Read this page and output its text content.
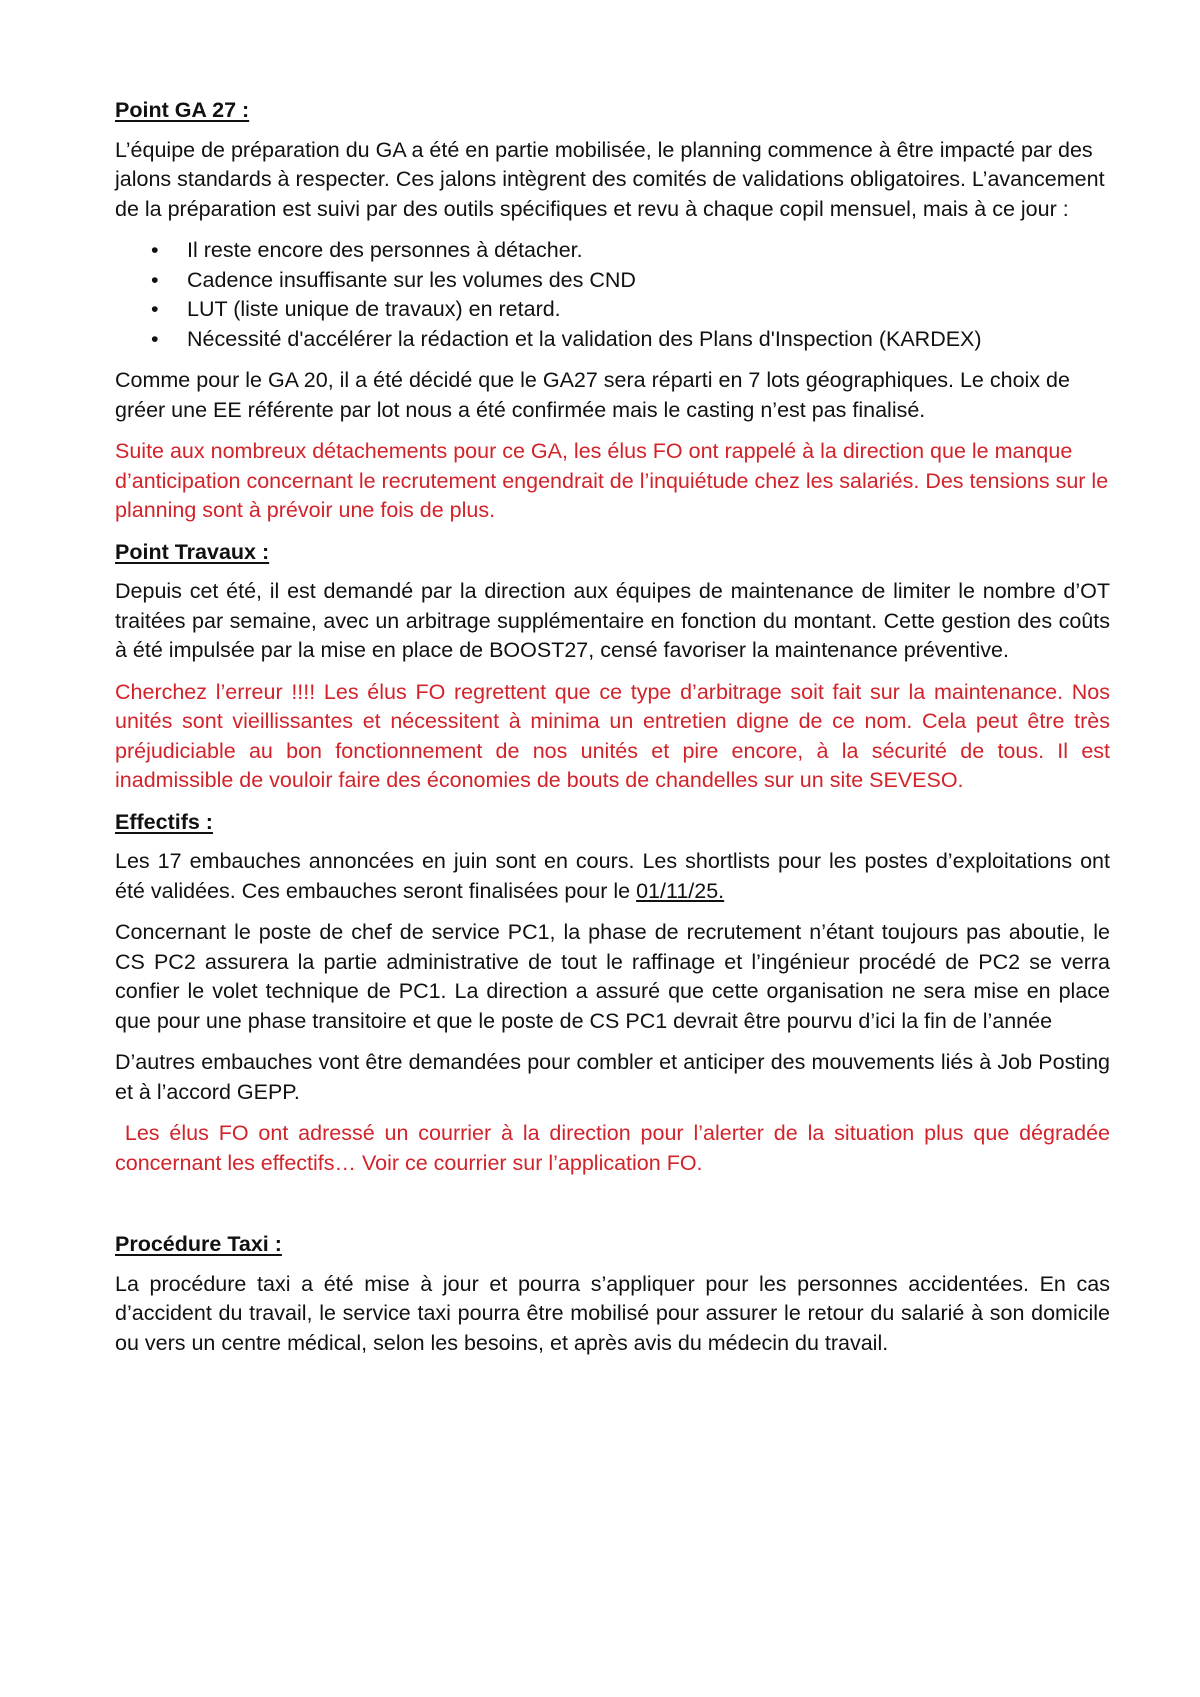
Point GA 27 :
L’équipe de préparation du GA a été en partie mobilisée, le planning commence à être impacté par des jalons standards à respecter. Ces jalons intègrent des comités de validations obligatoires. L’avancement de la préparation est suivi par des outils spécifiques et revu à chaque copil mensuel, mais à ce jour :
• Il reste encore des personnes à détacher.
• Cadence insuffisante sur les volumes des CND
• LUT (liste unique de travaux) en retard.
• Nécessité d'accélérer la rédaction et la validation des Plans d'Inspection (KARDEX)
Comme pour le GA 20, il a été décidé que le GA27 sera réparti en 7 lots géographiques. Le choix de gréer une EE référente par lot nous a été confirmée mais le casting n’est pas finalisé.
Suite aux nombreux détachements pour ce GA, les élus FO ont rappelé à la direction que le manque d’anticipation concernant le recrutement engendrait de l’inquiétude chez les salariés. Des tensions sur le planning sont à prévoir une fois de plus.
Point Travaux :
Depuis cet été, il est demandé par la direction aux équipes de maintenance de limiter le nombre d’OT traitées par semaine, avec un arbitrage supplémentaire en fonction du montant. Cette gestion des coûts à été impulsée par la mise en place de BOOST27, censé favoriser la maintenance préventive.
Cherchez l’erreur !!!! Les élus FO regrettent que ce type d’arbitrage soit fait sur la maintenance. Nos unités sont vieillissantes et nécessitent à minima un entretien digne de ce nom. Cela peut être très préjudiciable au bon fonctionnement de nos unités et pire encore, à la sécurité de tous. Il est inadmissible de vouloir faire des économies de bouts de chandelles sur un site SEVESO.
Effectifs :
Les 17 embauches annoncées en juin sont en cours. Les shortlists pour les postes d’exploitations ont été validées. Ces embauches seront finalisées pour le 01/11/25.
Concernant le poste de chef de service PC1, la phase de recrutement n’étant toujours pas aboutie, le CS PC2 assurera la partie administrative de tout le raffinage et l’ingénieur procédé de PC2 se verra confier le volet technique de PC1. La direction a assuré que cette organisation ne sera mise en place que pour une phase transitoire et que le poste de CS PC1 devrait être pourvu d’ici la fin de l’année
D’autres embauches vont être demandées pour combler et anticiper des mouvements liés à Job Posting et à l’accord GEPP.
Les élus FO ont adressé un courrier à la direction pour l’alerter de la situation plus que dégradée concernant les effectifs… Voir ce courrier sur l’application FO.
Procédure Taxi :
La procédure taxi a été mise à jour et pourra s’appliquer pour les personnes accidentées. En cas d’accident du travail, le service taxi pourra être mobilisé pour assurer le retour du salarié à son domicile ou vers un centre médical, selon les besoins, et après avis du médecin du travail.
